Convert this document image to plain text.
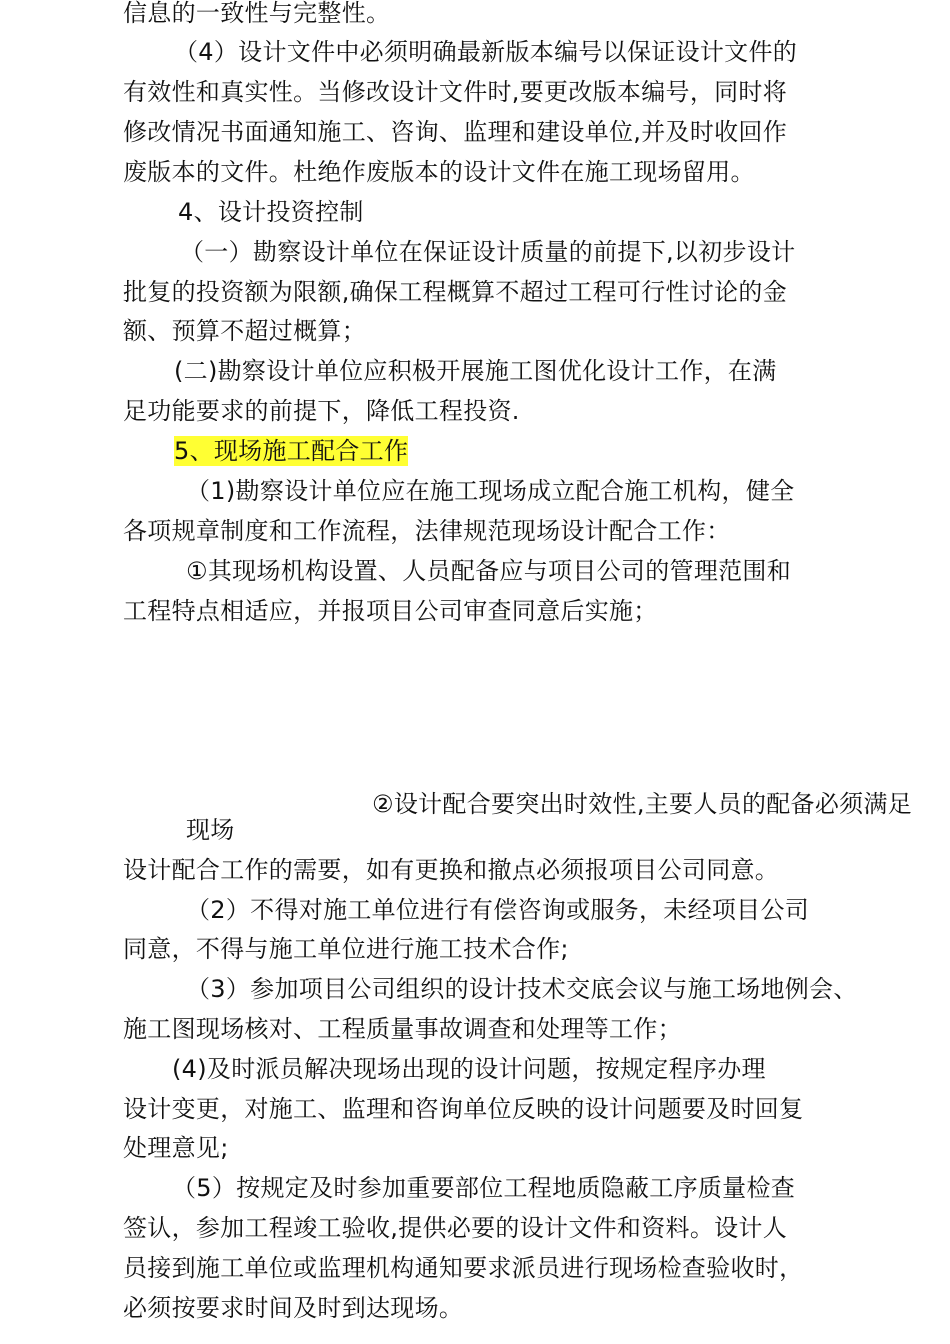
信息的一致性与完整性。
（4）设计文件中必须明确最新版本编号以保证设计文件的
有效性和真实性。当修改设计文件时,要更改版本编号，同时将
修改情况书面通知施工、咨询、监理和建设单位,并及时收回作
废版本的文件。杜绝作废版本的设计文件在施工现场留用。
4、设计投资控制
（一）勘察设计单位在保证设计质量的前提下,以初步设计
批复的投资额为限额,确保工程概算不超过工程可行性讨论的金
额、预算不超过概算；
(二)勘察设计单位应积极开展施工图优化设计工作，在满
足功能要求的前提下，降低工程投资.
5、现场施工配合工作
（1)勘察设计单位应在施工现场成立配合施工机构，健全
各项规章制度和工作流程，法律规范现场设计配合工作：
①其现场机构设置、人员配备应与项目公司的管理范围和
工程特点相适应，并报项目公司审查同意后实施；
②设计配合要突出时效性,主要人员的配备必须满足
现场
设计配合工作的需要，如有更换和撤点必须报项目公司同意。
（2）不得对施工单位进行有偿咨询或服务，未经项目公司
同意，不得与施工单位进行施工技术合作;
（3）参加项目公司组织的设计技术交底会议与施工场地例会、
施工图现场核对、工程质量事故调查和处理等工作；
(4)及时派员解决现场出现的设计问题，按规定程序办理
设计变更，对施工、监理和咨询单位反映的设计问题要及时回复
处理意见;
（5）按规定及时参加重要部位工程地质隐蔽工序质量检查
签认，参加工程竣工验收,提供必要的设计文件和资料。设计人
员接到施工单位或监理机构通知要求派员进行现场检查验收时，
必须按要求时间及时到达现场。
